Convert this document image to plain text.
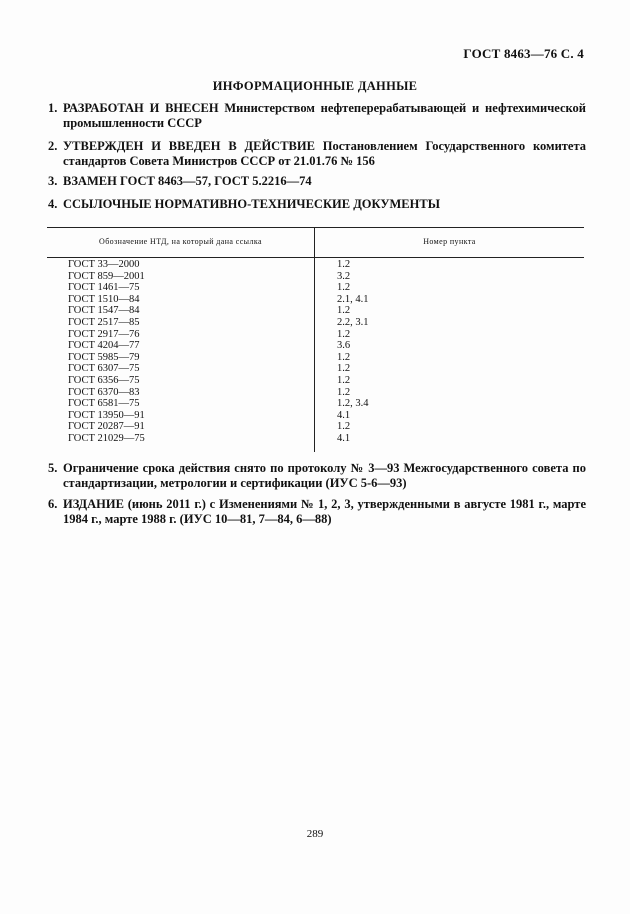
ГОСТ 8463—76 С. 4
ИНФОРМАЦИОННЫЕ ДАННЫЕ
1. РАЗРАБОТАН И ВНЕСЕН Министерством нефтеперерабатывающей и нефтехимической промышленности СССР
2. УТВЕРЖДЕН И ВВЕДЕН В ДЕЙСТВИЕ Постановлением Государственного комитета стандартов Совета Министров СССР от 21.01.76 № 156
3. ВЗАМЕН ГОСТ 8463—57, ГОСТ 5.2216—74
4. ССЫЛОЧНЫЕ НОРМАТИВНО-ТЕХНИЧЕСКИЕ ДОКУМЕНТЫ
Обозначение НТД, на который дана ссылка	Номер пункта
ГОСТ 33—2000	1.2
ГОСТ 859—2001	3.2
ГОСТ 1461—75	1.2
ГОСТ 1510—84	2.1, 4.1
ГОСТ 1547—84	1.2
ГОСТ 2517—85	2.2, 3.1
ГОСТ 2917—76	1.2
ГОСТ 4204—77	3.6
ГОСТ 5985—79	1.2
ГОСТ 6307—75	1.2
ГОСТ 6356—75	1.2
ГОСТ 6370—83	1.2
ГОСТ 6581—75	1.2, 3.4
ГОСТ 13950—91	4.1
ГОСТ 20287—91	1.2
ГОСТ 21029—75	4.1
5. Ограничение срока действия снято по протоколу № 3—93 Межгосударственного совета по стандартизации, метрологии и сертификации (ИУС 5-6—93)
6. ИЗДАНИЕ (июнь 2011 г.) с Изменениями № 1, 2, 3, утвержденными в августе 1981 г., марте 1984 г., марте 1988 г. (ИУС 10—81, 7—84, 6—88)
289
